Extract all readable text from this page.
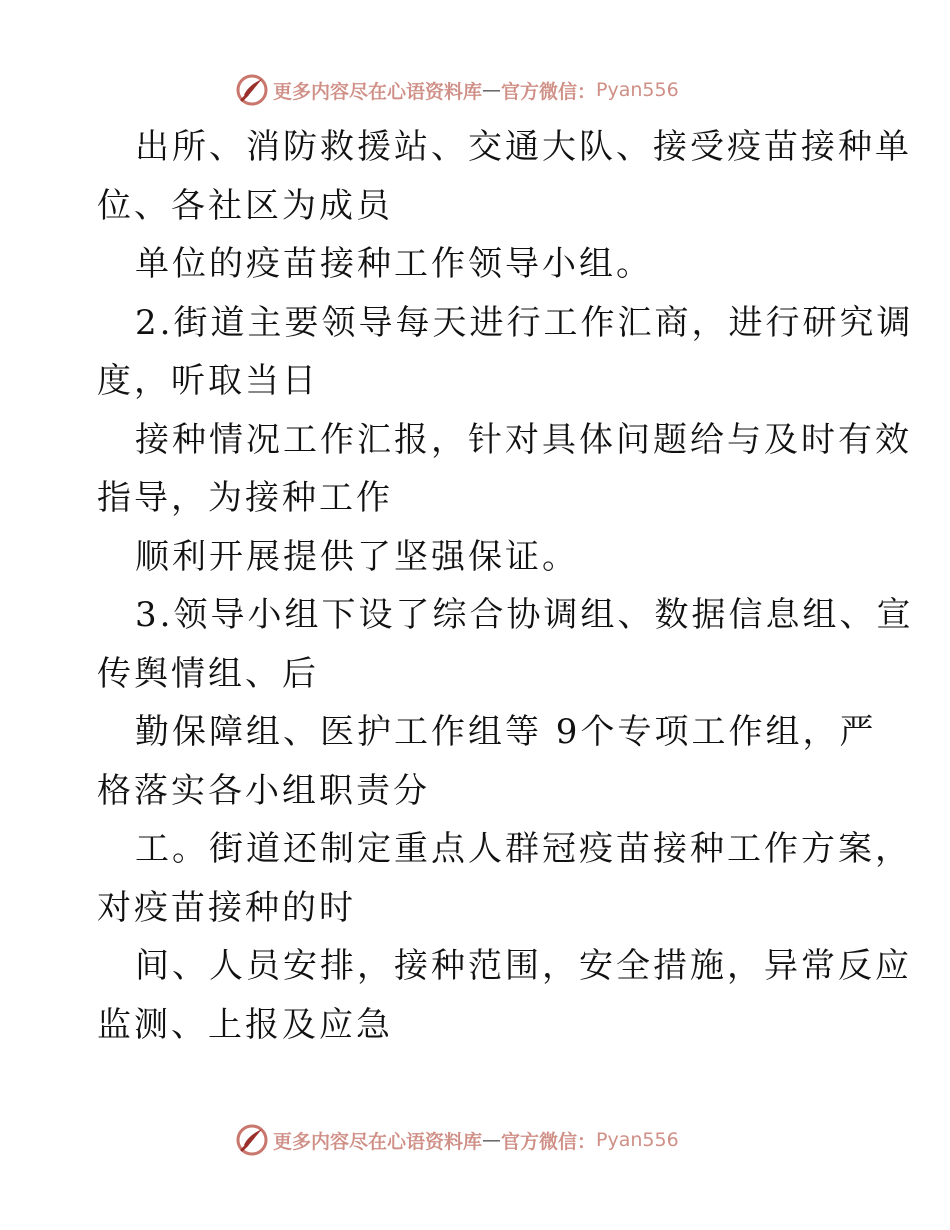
更多内容尽在心语资料库 — 官方微信： Pyan556
出所、消防救援站、交通大队、接受疫苗接种单
位、各社区为成员
单位的疫苗接种工作领导小组。
2.街道主要领导每天进行工作汇商，进行研究调
度，听取当日
接种情况工作汇报，针对具体问题给与及时有效
指导，为接种工作
顺利开展提供了坚强保证。
3.领导小组下设了综合协调组、数据信息组、宣
传舆情组、后
勤保障组、医护工作组等 9个专项工作组，严
格落实各小组职责分
工。街道还制定重点人群冠疫苗接种工作方案，
对疫苗接种的时
间、人员安排，接种范围，安全措施，异常反应
监测、上报及应急
更多内容尽在心语资料库 — 官方微信： Pyan556
